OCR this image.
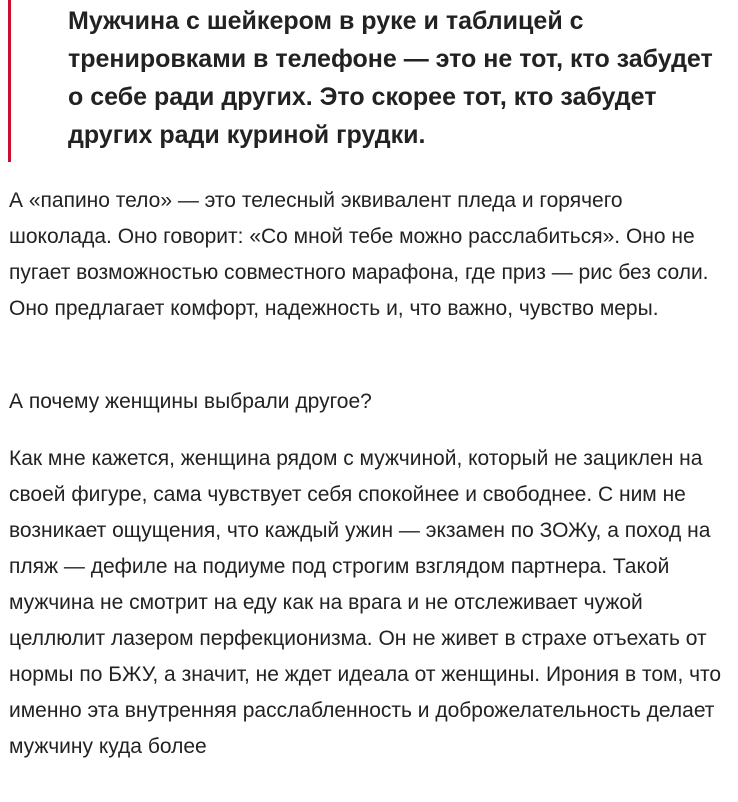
Мужчина с шейкером в руке и таблицей с тренировками в телефоне — это не тот, кто забудет о себе ради других. Это скорее тот, кто забудет других ради куриной грудки.

А «папино тело» — это телесный эквивалент пледа и горячего шоколада. Оно говорит: «Со мной тебе можно расслабиться». Оно не пугает возможностью совместного марафона, где приз — рис без соли. Оно предлагает комфорт, надежность и, что важно, чувство меры.

А почему женщины выбрали другое?

Как мне кажется, женщина рядом с мужчиной, который не зациклен на своей фигуре, сама чувствует себя спокойнее и свободнее. С ним не возникает ощущения, что каждый ужин — экзамен по ЗОЖу, а поход на пляж — дефиле на подиуме под строгим взглядом партнера. Такой мужчина не смотрит на еду как на врага и не отслеживает чужой целлюлит лазером перфекционизма. Он не живет в страхе отъехать от нормы по БЖУ, а значит, не ждет идеала от женщины. Ирония в том, что именно эта внутренняя расслабленность и доброжелательность делает мужчину куда более
